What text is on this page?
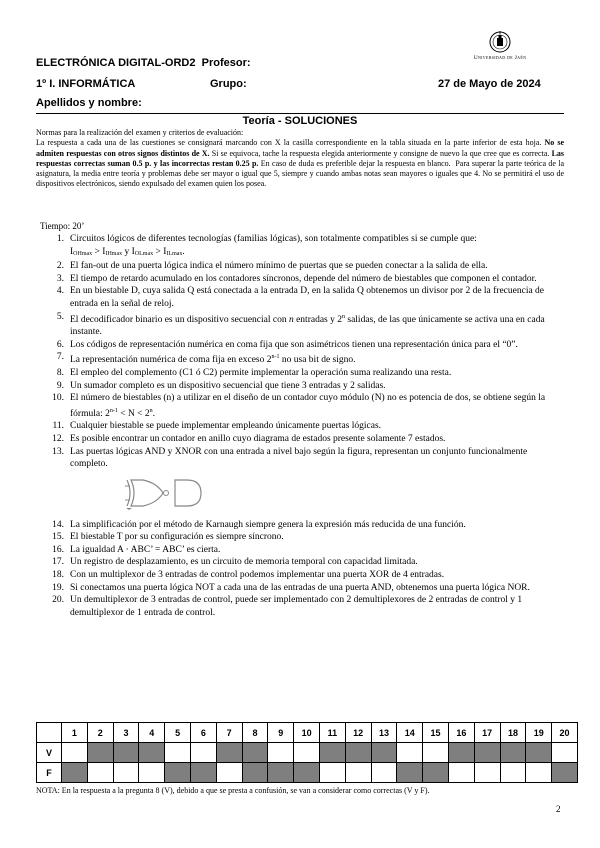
ELECTRÓNICA DIGITAL-ORD2 Profesor:
1º I. INFORMÁTICA	Grupo:	27 de Mayo de 2024
Apellidos y nombre:
Universidad de Jaén
Teoría - SOLUCIONES

Normas para la realización del examen y criterios de evaluación:

La respuesta a cada una de las cuestiones se consignará marcando con X la casilla correspondiente en la tabla situada en la parte inferior de esta hoja. No se admiten respuestas con otros signos distintos de X. Si se equivoca, tache la respuesta elegida anteriormente y consigne de nuevo la que cree que es correcta. Las respuestas correctas suman 0.5 p. y las incorrectas restan 0.25 p. En caso de duda es preferible dejar la respuesta en blanco. Para superar la parte teórica de la asignatura, la media entre teoría y problemas debe ser mayor o igual que 5, siempre y cuando ambas notas sean mayores o iguales que 4. No se permitirá el uso de dispositivos electrónicos, siendo expulsado del examen quien los posea.

Tiempo: 20’
1. Circuitos lógicos de diferentes tecnologías (familias lógicas), son totalmente compatibles si se cumple que:
$I_{OHmax} > I_{IHmax}$ y $I_{OLmax} > I_{ILmax}$.
2. El fan-out de una puerta lógica indica el número mínimo de puertas que se pueden conectar a la salida de ella.
3. El tiempo de retardo acumulado en los contadores síncronos, depende del número de biestables que componen el contador.
4. En un biestable D, cuya salida Q está conectada a la entrada D, en la salida Q obtenemos un divisor por 2 de la frecuencia de entrada en la señal de reloj.
5. El decodificador binario es un dispositivo secuencial con n entradas y 2$^n$ salidas, de las que únicamente se activa una en cada instante.
6. Los códigos de representación numérica en coma fija que son asimétricos tienen una representación única para el “0”.
7. La representación numérica de coma fija en exceso 2$^{n-1}$ no usa bit de signo.
8. El empleo del complemento (C1 ó C2) permite implementar la operación suma realizando una resta.
9. Un sumador completo es un dispositivo secuencial que tiene 3 entradas y 2 salidas.
10. El número de biestables (n) a utilizar en el diseño de un contador cuyo módulo (N) no es potencia de dos, se obtiene según la fórmula: $2^{n-1} < N < 2^n$.
11. Cualquier biestable se puede implementar empleando únicamente puertas lógicas.
12. Es posible encontrar un contador en anillo cuyo diagrama de estados presente solamente 7 estados.
13. Las puertas lógicas AND y XNOR con una entrada a nivel bajo según la figura, representan un conjunto funcionalmente completo.
14. La simplificación por el método de Karnaugh siempre genera la expresión más reducida de una función.
15. El biestable T por su configuración es siempre síncrono.
16. La igualdad A · ABC’ = ABC’ es cierta.
17. Un registro de desplazamiento, es un circuito de memoria temporal con capacidad limitada.
18. Con un multiplexor de 3 entradas de control podemos implementar una puerta XOR de 4 entradas.
19. Si conectamos una puerta lógica NOT a cada una de las entradas de una puerta AND, obtenemos una puerta lógica NOR.
20. Un demultiplexor de 3 entradas de control, puede ser implementado con 2 demultiplexores de 2 entradas de control y 1 demultiplexor de 1 entrada de control.
	1	2	3	4	5	6	7	8	9	10	11	12	13	14	15	16	17	18	19	20
V																				
F																				
NOTA: En la respuesta a la pregunta 8 (V), debido a que se presta a confusión, se van a considerar como correctas (V y F).
2
